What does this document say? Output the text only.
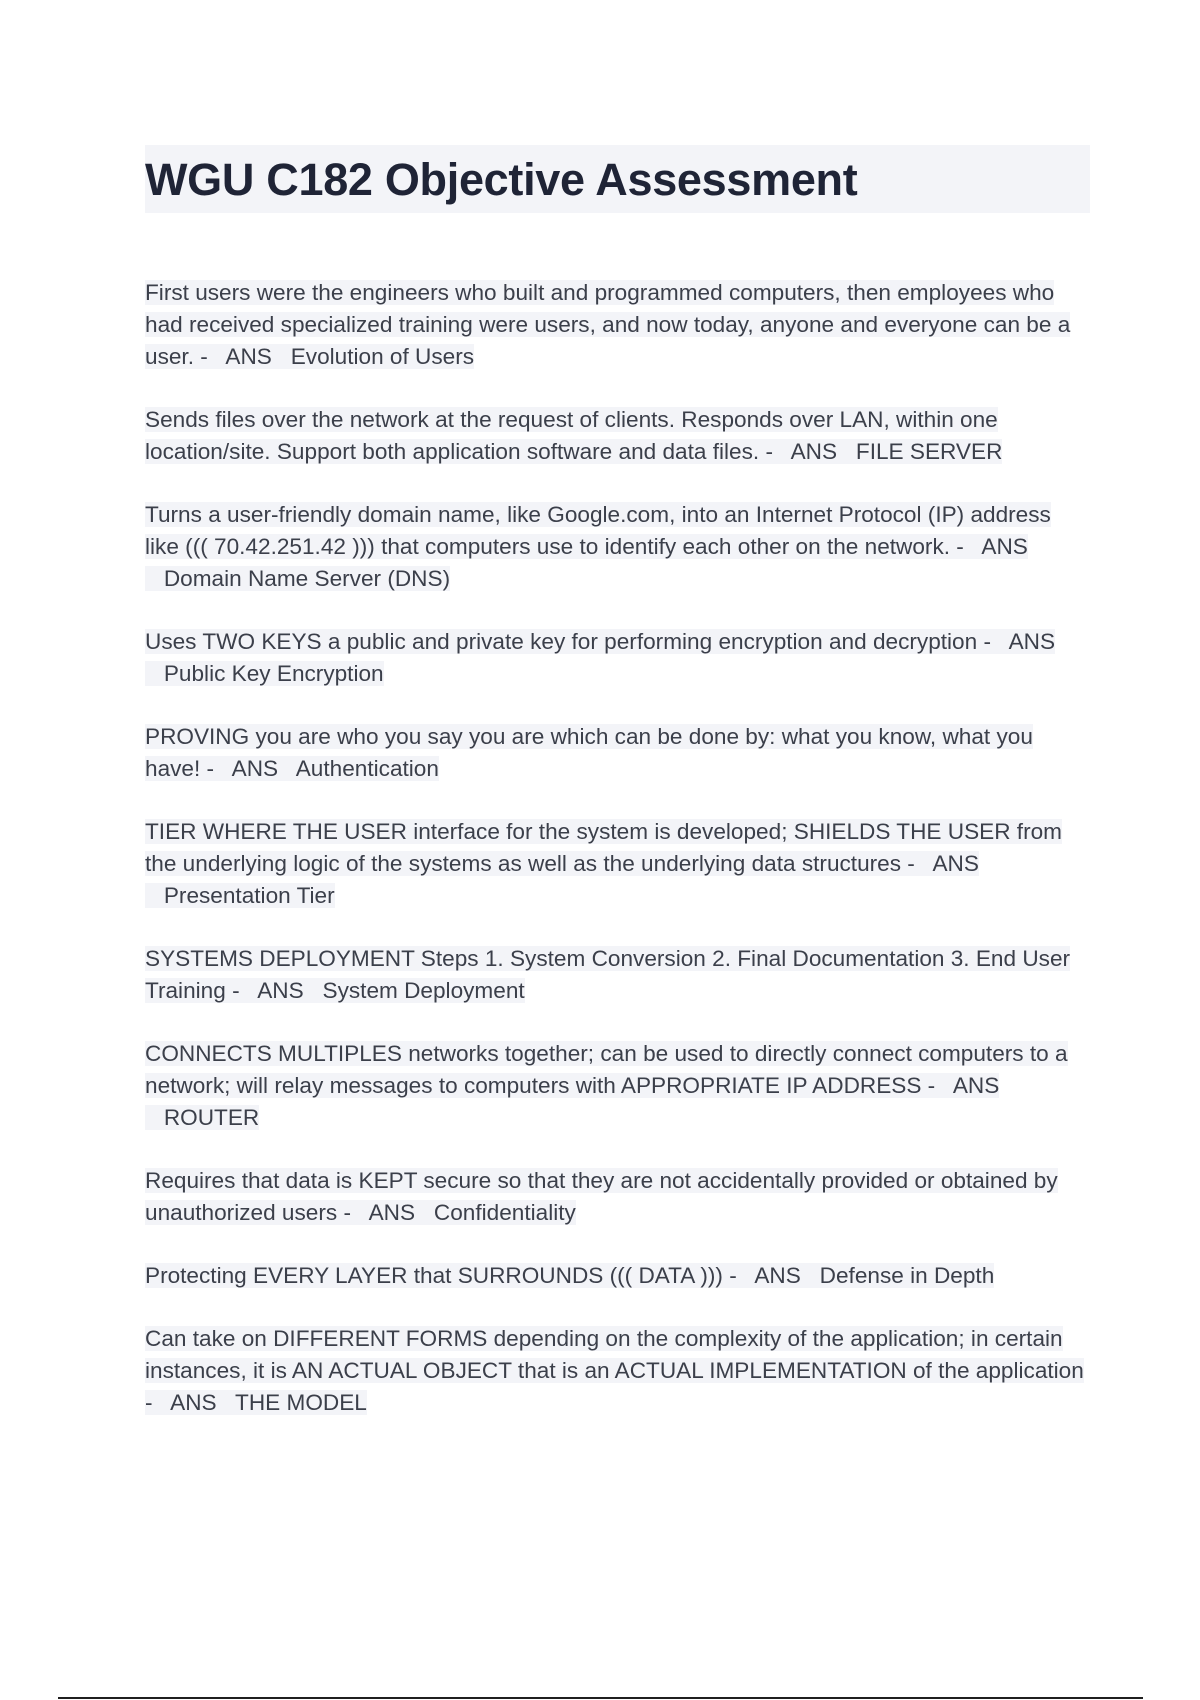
WGU C182 Objective Assessment

First users were the engineers who built and programmed computers, then employees who had received specialized training were users, and now today, anyone and everyone can be a user. - ANS Evolution of Users

Sends files over the network at the request of clients. Responds over LAN, within one location/site. Support both application software and data files. - ANS FILE SERVER

Turns a user-friendly domain name, like Google.com, into an Internet Protocol (IP) address like ((( 70.42.251.42 ))) that computers use to identify each other on the network. - ANS   Domain Name Server (DNS)

Uses TWO KEYS a public and private key for performing encryption and decryption - ANS   Public Key Encryption

PROVING you are who you say you are which can be done by: what you know, what you have! - ANS Authentication

TIER WHERE THE USER interface for the system is developed; SHIELDS THE USER from the underlying logic of the systems as well as the underlying data structures - ANS   Presentation Tier

SYSTEMS DEPLOYMENT Steps 1. System Conversion 2. Final Documentation 3. End User Training - ANS System Deployment

CONNECTS MULTIPLES networks together; can be used to directly connect computers to a network; will relay messages to computers with APPROPRIATE IP ADDRESS - ANS   ROUTER

Requires that data is KEPT secure so that they are not accidentally provided or obtained by unauthorized users - ANS Confidentiality

Protecting EVERY LAYER that SURROUNDS ((( DATA ))) - ANS Defense in Depth

Can take on DIFFERENT FORMS depending on the complexity of the application; in certain instances, it is AN ACTUAL OBJECT that is an ACTUAL IMPLEMENTATION of the application - ANS THE MODEL
